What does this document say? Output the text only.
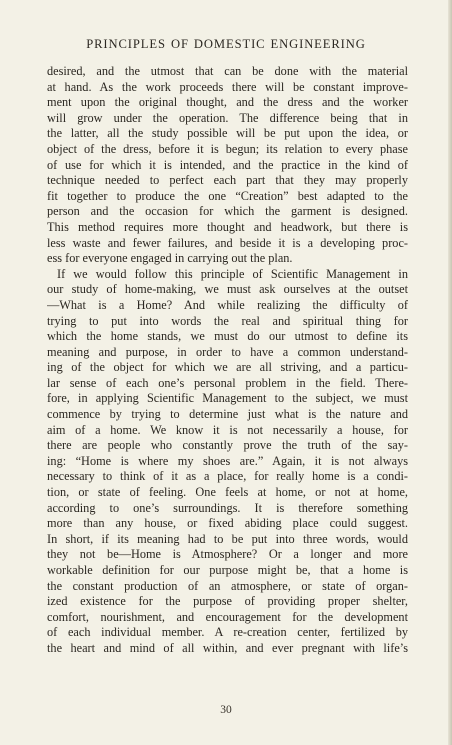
PRINCIPLES OF DOMESTIC ENGINEERING
desired, and the utmost that can be done with the material
at hand. As the work proceeds there will be constant improve-
ment upon the original thought, and the dress and the worker
will grow under the operation. The difference being that in
the latter, all the study possible will be put upon the idea, or
object of the dress, before it is begun; its relation to every phase
of use for which it is intended, and the practice in the kind of
technique needed to perfect each part that they may properly
fit together to produce the one “Creation” best adapted to the
person and the occasion for which the garment is designed.
This method requires more thought and headwork, but there is
less waste and fewer failures, and beside it is a developing proc-
ess for everyone engaged in carrying out the plan.
If we would follow this principle of Scientific Management in
our study of home-making, we must ask ourselves at the outset
—What is a Home? And while realizing the difficulty of
trying to put into words the real and spiritual thing for
which the home stands, we must do our utmost to define its
meaning and purpose, in order to have a common understand-
ing of the object for which we are all striving, and a particu-
lar sense of each one’s personal problem in the field. There-
fore, in applying Scientific Management to the subject, we must
commence by trying to determine just what is the nature and
aim of a home. We know it is not necessarily a house, for
there are people who constantly prove the truth of the say-
ing: “Home is where my shoes are.” Again, it is not always
necessary to think of it as a place, for really home is a condi-
tion, or state of feeling. One feels at home, or not at home,
according to one’s surroundings. It is therefore something
more than any house, or fixed abiding place could suggest.
In short, if its meaning had to be put into three words, would
they not be—Home is Atmosphere? Or a longer and more
workable definition for our purpose might be, that a home is
the constant production of an atmosphere, or state of organ-
ized existence for the purpose of providing proper shelter,
comfort, nourishment, and encouragement for the development
of each individual member. A re-creation center, fertilized by
the heart and mind of all within, and ever pregnant with life’s
30
